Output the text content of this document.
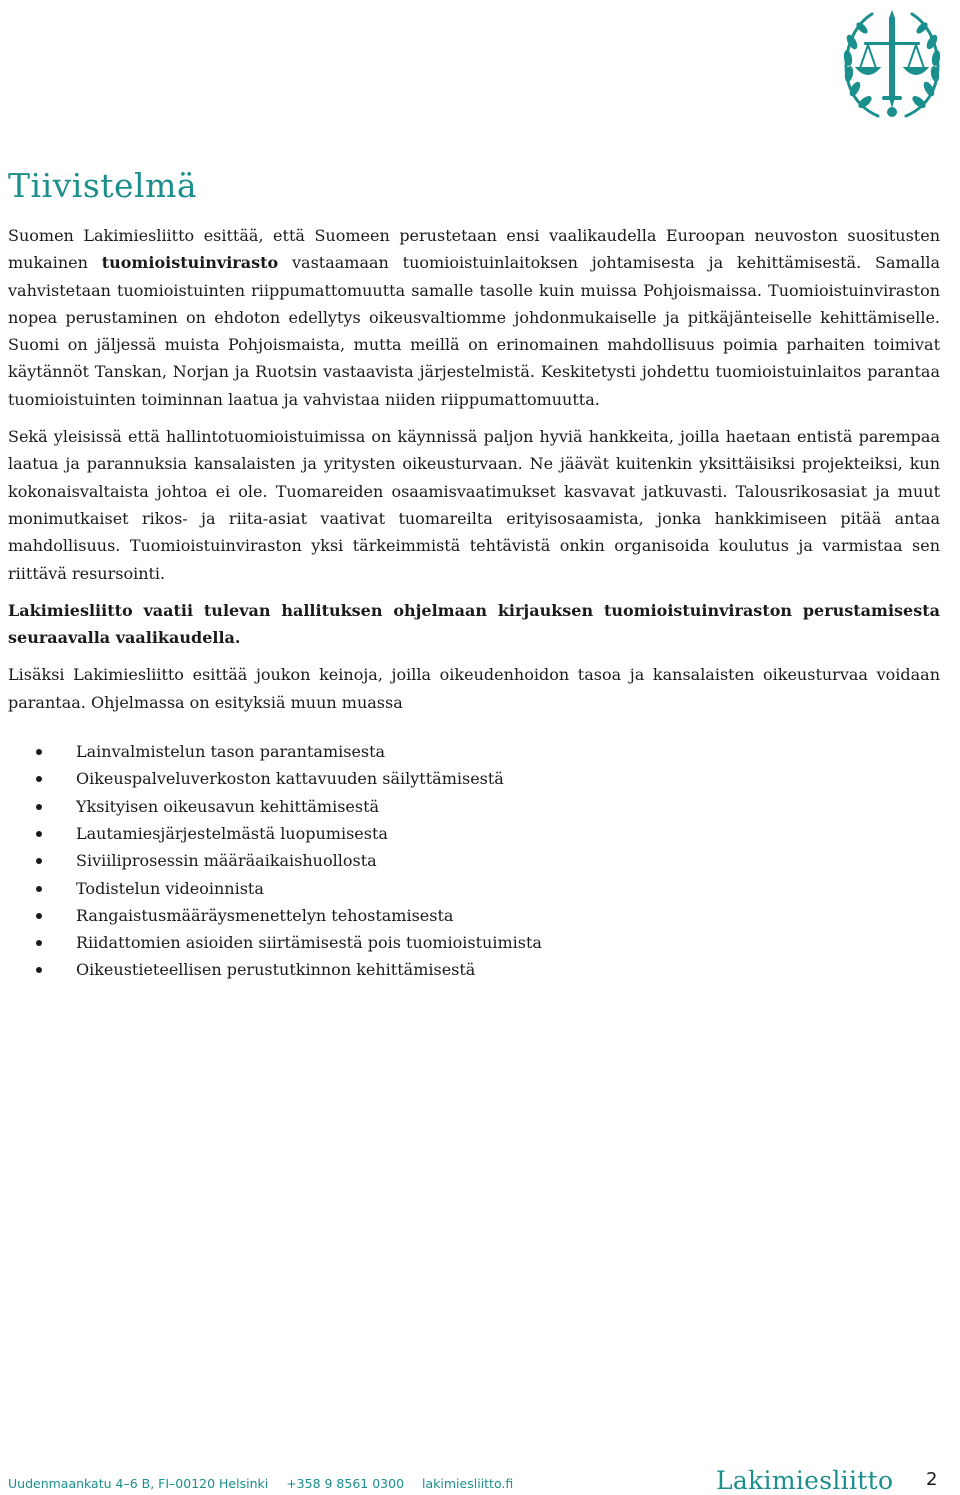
Tiivistelmä

Suomen Lakimiesliitto esittää, että Suomeen perustetaan ensi vaalikaudella Euroopan neuvoston suositusten mukainen tuomioistuinvirasto vastaamaan tuomioistuinlaitoksen johtamisesta ja kehittämisestä. Samalla vahvistetaan tuomioistuinten riippumattomuutta samalle tasolle kuin muissa Pohjoismaissa. Tuomioistuinviraston nopea perustaminen on ehdoton edellytys oikeusvaltiomme johdonmukaiselle ja pitkäjänteiselle kehittämiselle. Suomi on jäljessä muista Pohjoismaista, mutta meillä on erinomainen mahdollisuus poimia parhaiten toimivat käytännöt Tanskan, Norjan ja Ruotsin vastaavista järjestelmistä. Keskitetysti johdettu tuomioistuinlaitos parantaa tuomioistuinten toiminnan laatua ja vahvistaa niiden riippumattomuutta.

Sekä yleisissä että hallintotuomioistuimissa on käynnissä paljon hyviä hankkeita, joilla haetaan entistä parempaa laatua ja parannuksia kansalaisten ja yritysten oikeusturvaan. Ne jäävät kuitenkin yksittäisiksi projekteiksi, kun kokonaisvaltaista johtoa ei ole. Tuomareiden osaamisvaatimukset kasvavat jatkuvasti. Talousrikosasiat ja muut monimutkaiset rikos- ja riita-asiat vaativat tuomareilta erityisosaamista, jonka hankkimiseen pitää antaa mahdollisuus. Tuomioistuinviraston yksi tärkeimmistä tehtävistä onkin organisoida koulutus ja varmistaa sen riittävä resursointi.

Lakimiesliitto vaatii tulevan hallituksen ohjelmaan kirjauksen tuomioistuinviraston perustamisesta seuraavalla vaalikaudella.

Lisäksi Lakimiesliitto esittää joukon keinoja, joilla oikeudenhoidon tasoa ja kansalaisten oikeusturvaa voidaan parantaa. Ohjelmassa on esityksiä muun muassa

Lainvalmistelun tason parantamisesta
Oikeuspalveluverkoston kattavuuden säilyttämisestä
Yksityisen oikeusavun kehittämisestä
Lautamiesjärjestelmästä luopumisesta
Siviiliprosessin määräaikaishuollosta
Todistelun videoinnista
Rangaistusmääräysmenettelyn tehostamisesta
Riidattomien asioiden siirtämisestä pois tuomioistuimista
Oikeustieteellisen perustutkinnon kehittämisestä
Uudenmaankatu 4–6 B, FI–00120 Helsinki +358 9 8561 0300 lakimiesliitto.fi	Lakimiesliitto 2
